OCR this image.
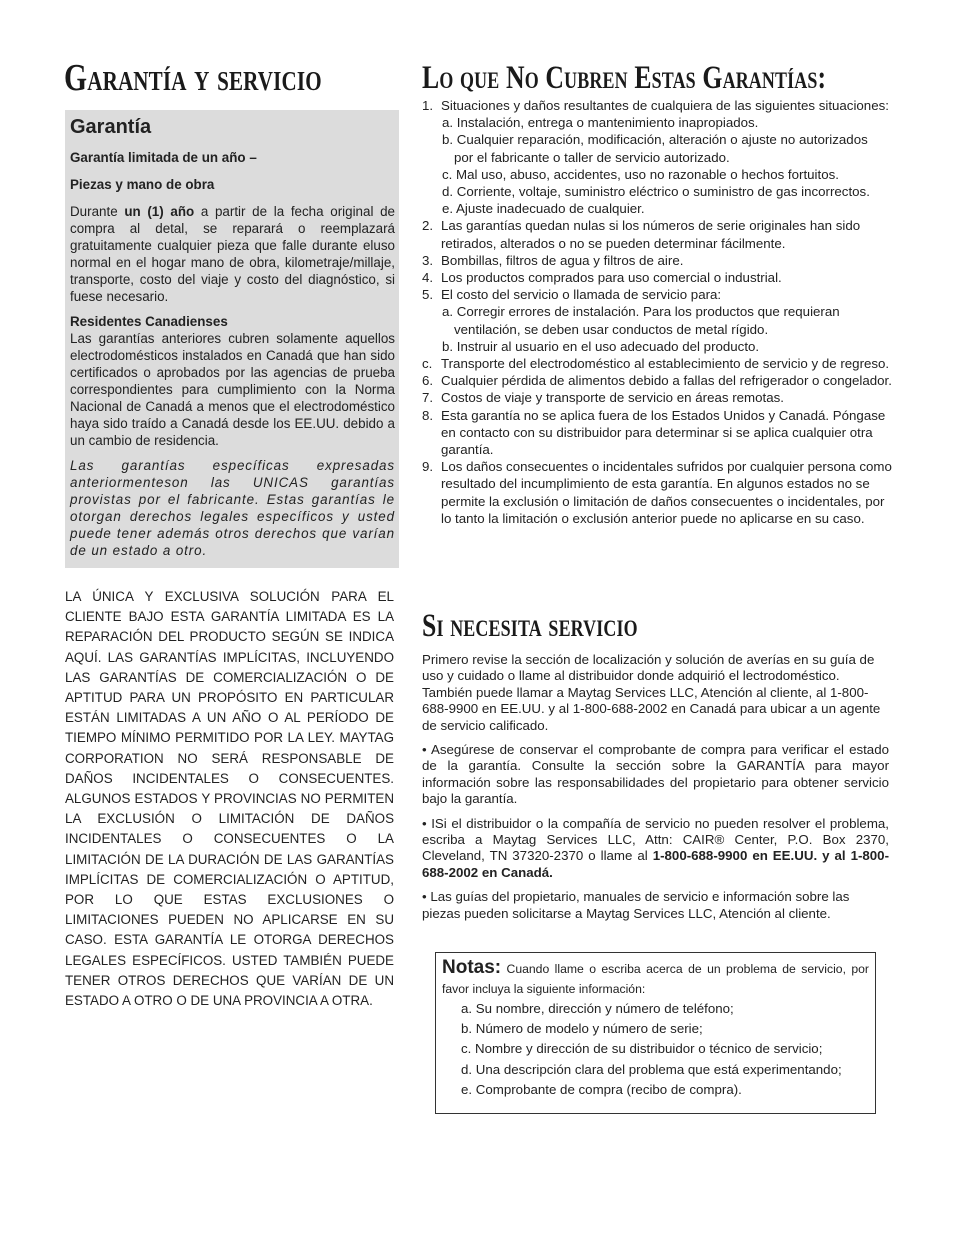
Garantía y servicio	Lo que No Cubren Estas Garantías:
Si necesita servicio

Garantía

Garantía limitada de un año –

Piezas y mano de obra

Durante un (1) año a partir de la fecha original de compra al detal, se reparará o reemplazará gratuitamente cualquier pieza que falle durante eluso normal en el hogar mano de obra, kilometraje/millaje, transporte, costo del viaje y costo del diagnóstico, si fuese necesario.

Residentes Canadienses

Las garantías anteriores cubren solamente aquellos electrodomésticos instalados en Canadá que han sido certificados o aprobados por las agencias de prueba correspondientes para cumplimiento con la Norma Nacional de Canadá a menos que el electrodoméstico haya sido traído a Canadá desde los EE.UU. debido a un cambio de residencia.

Las garantías específicas expresadas anteriormenteson las UNICAS garantías provistas por el fabricante. Estas garantías le otorgan derechos legales específicos y usted puede tener además otros derechos que varían de un estado a otro.

LA ÚNICA Y EXCLUSIVA SOLUCIÓN PARA EL CLIENTE BAJO ESTA GARANTÍA LIMITADA ES LA REPARACIÓN DEL PRODUCTO SEGÚN SE INDICA AQUÍ. LAS GARANTÍAS IMPLÍCITAS, INCLUYENDO LAS GARANTÍAS DE COMERCIALIZACIÓN O DE APTITUD PARA UN PROPÓSITO EN PARTICULAR ESTÁN LIMITADAS A UN AÑO O AL PERÍODO DE TIEMPO MÍNIMO PERMITIDO POR LA LEY. MAYTAG CORPORATION NO SERÁ RESPONSABLE DE DAÑOS INCIDENTALES O CONSECUENTES. ALGUNOS ESTADOS Y PROVINCIAS NO PERMITEN LA EXCLUSIÓN O LIMITACIÓN DE DAÑOS INCIDENTALES O CONSECUENTES O LA LIMITACIÓN DE LA DURACIÓN DE LAS GARANTÍAS IMPLÍCITAS DE COMERCIALIZACIÓN O APTITUD, POR LO QUE ESTAS EXCLUSIONES O LIMITACIONES PUEDEN NO APLICARSE EN SU CASO. ESTA GARANTÍA LE OTORGA DERECHOS LEGALES ESPECÍFICOS. USTED TAMBIÉN PUEDE TENER OTROS DERECHOS QUE VARÍAN DE UN ESTADO A OTRO O DE UNA PROVINCIA A OTRA.

1. Situaciones y daños resultantes de cualquiera de las siguientes situaciones:
a. Instalación, entrega o mantenimiento inapropiados.
b. Cualquier reparación, modificación, alteración o ajuste no autorizados
por el fabricante o taller de servicio autorizado.
c. Mal uso, abuso, accidentes, uso no razonable o hechos fortuitos.
d. Corriente, voltaje, suministro eléctrico o suministro de gas incorrectos.
e. Ajuste inadecuado de cualquier.
2. Las garantías quedan nulas si los números de serie originales han sido retirados, alterados o no se pueden determinar fácilmente.
3. Bombillas, filtros de agua y filtros de aire.
4. Los productos comprados para uso comercial o industrial.
5. El costo del servicio o llamada de servicio para:
a. Corregir errores de instalación. Para los productos que requieran
ventilación, se deben usar conductos de metal rígido.
b. Instruir al usuario en el uso adecuado del producto.
c. Transporte del electrodoméstico al establecimiento de servicio y de regreso.
6. Cualquier pérdida de alimentos debido a fallas del refrigerador o congelador.
7. Costos de viaje y transporte de servicio en áreas remotas.
8. Esta garantía no se aplica fuera de los Estados Unidos y Canadá. Póngase en contacto con su distribuidor para determinar si se aplica cualquier otra garantía.
9. Los daños consecuentes o incidentales sufridos por cualquier persona como resultado del incumplimiento de esta garantía. En algunos estados no se permite la exclusión o limitación de daños consecuentes o incidentales, por lo tanto la limitación o exclusión anterior puede no aplicarse en su caso.

Primero revise la sección de localización y solución de averías en su guía de uso y cuidado o llame al distribuidor donde adquirió el lectrodoméstico. También puede llamar a Maytag Services LLC, Atención al cliente, al 1-800-688-9900 en EE.UU. y al 1-800-688-2002 en Canadá para ubicar a un agente de servicio calificado.

• Asegúrese de conservar el comprobante de compra para verificar el estado de la garantía. Consulte la sección sobre la GARANTÍA para mayor información sobre las responsabilidades del propietario para obtener servicio bajo la garantía.

• ISi el distribuidor o la compañía de servicio no pueden resolver el problema, escriba a Maytag Services LLC, Attn: CAIR® Center, P.O. Box 2370, Cleveland, TN 37320-2370 o llame al 1-800-688-9900 en EE.UU. y al 1-800-688-2002 en Canadá.

• Las guías del propietario, manuales de servicio e información sobre las piezas pueden solicitarse a Maytag Services LLC, Atención al cliente.

Notas: Cuando llame o escriba acerca de un problema de servicio, por favor incluya la siguiente información:
a. Su nombre, dirección y número de teléfono;
b. Número de modelo y número de serie;
c. Nombre y dirección de su distribuidor o técnico de servicio;
d. Una descripción clara del problema que está experimentando;
e. Comprobante de compra (recibo de compra).
